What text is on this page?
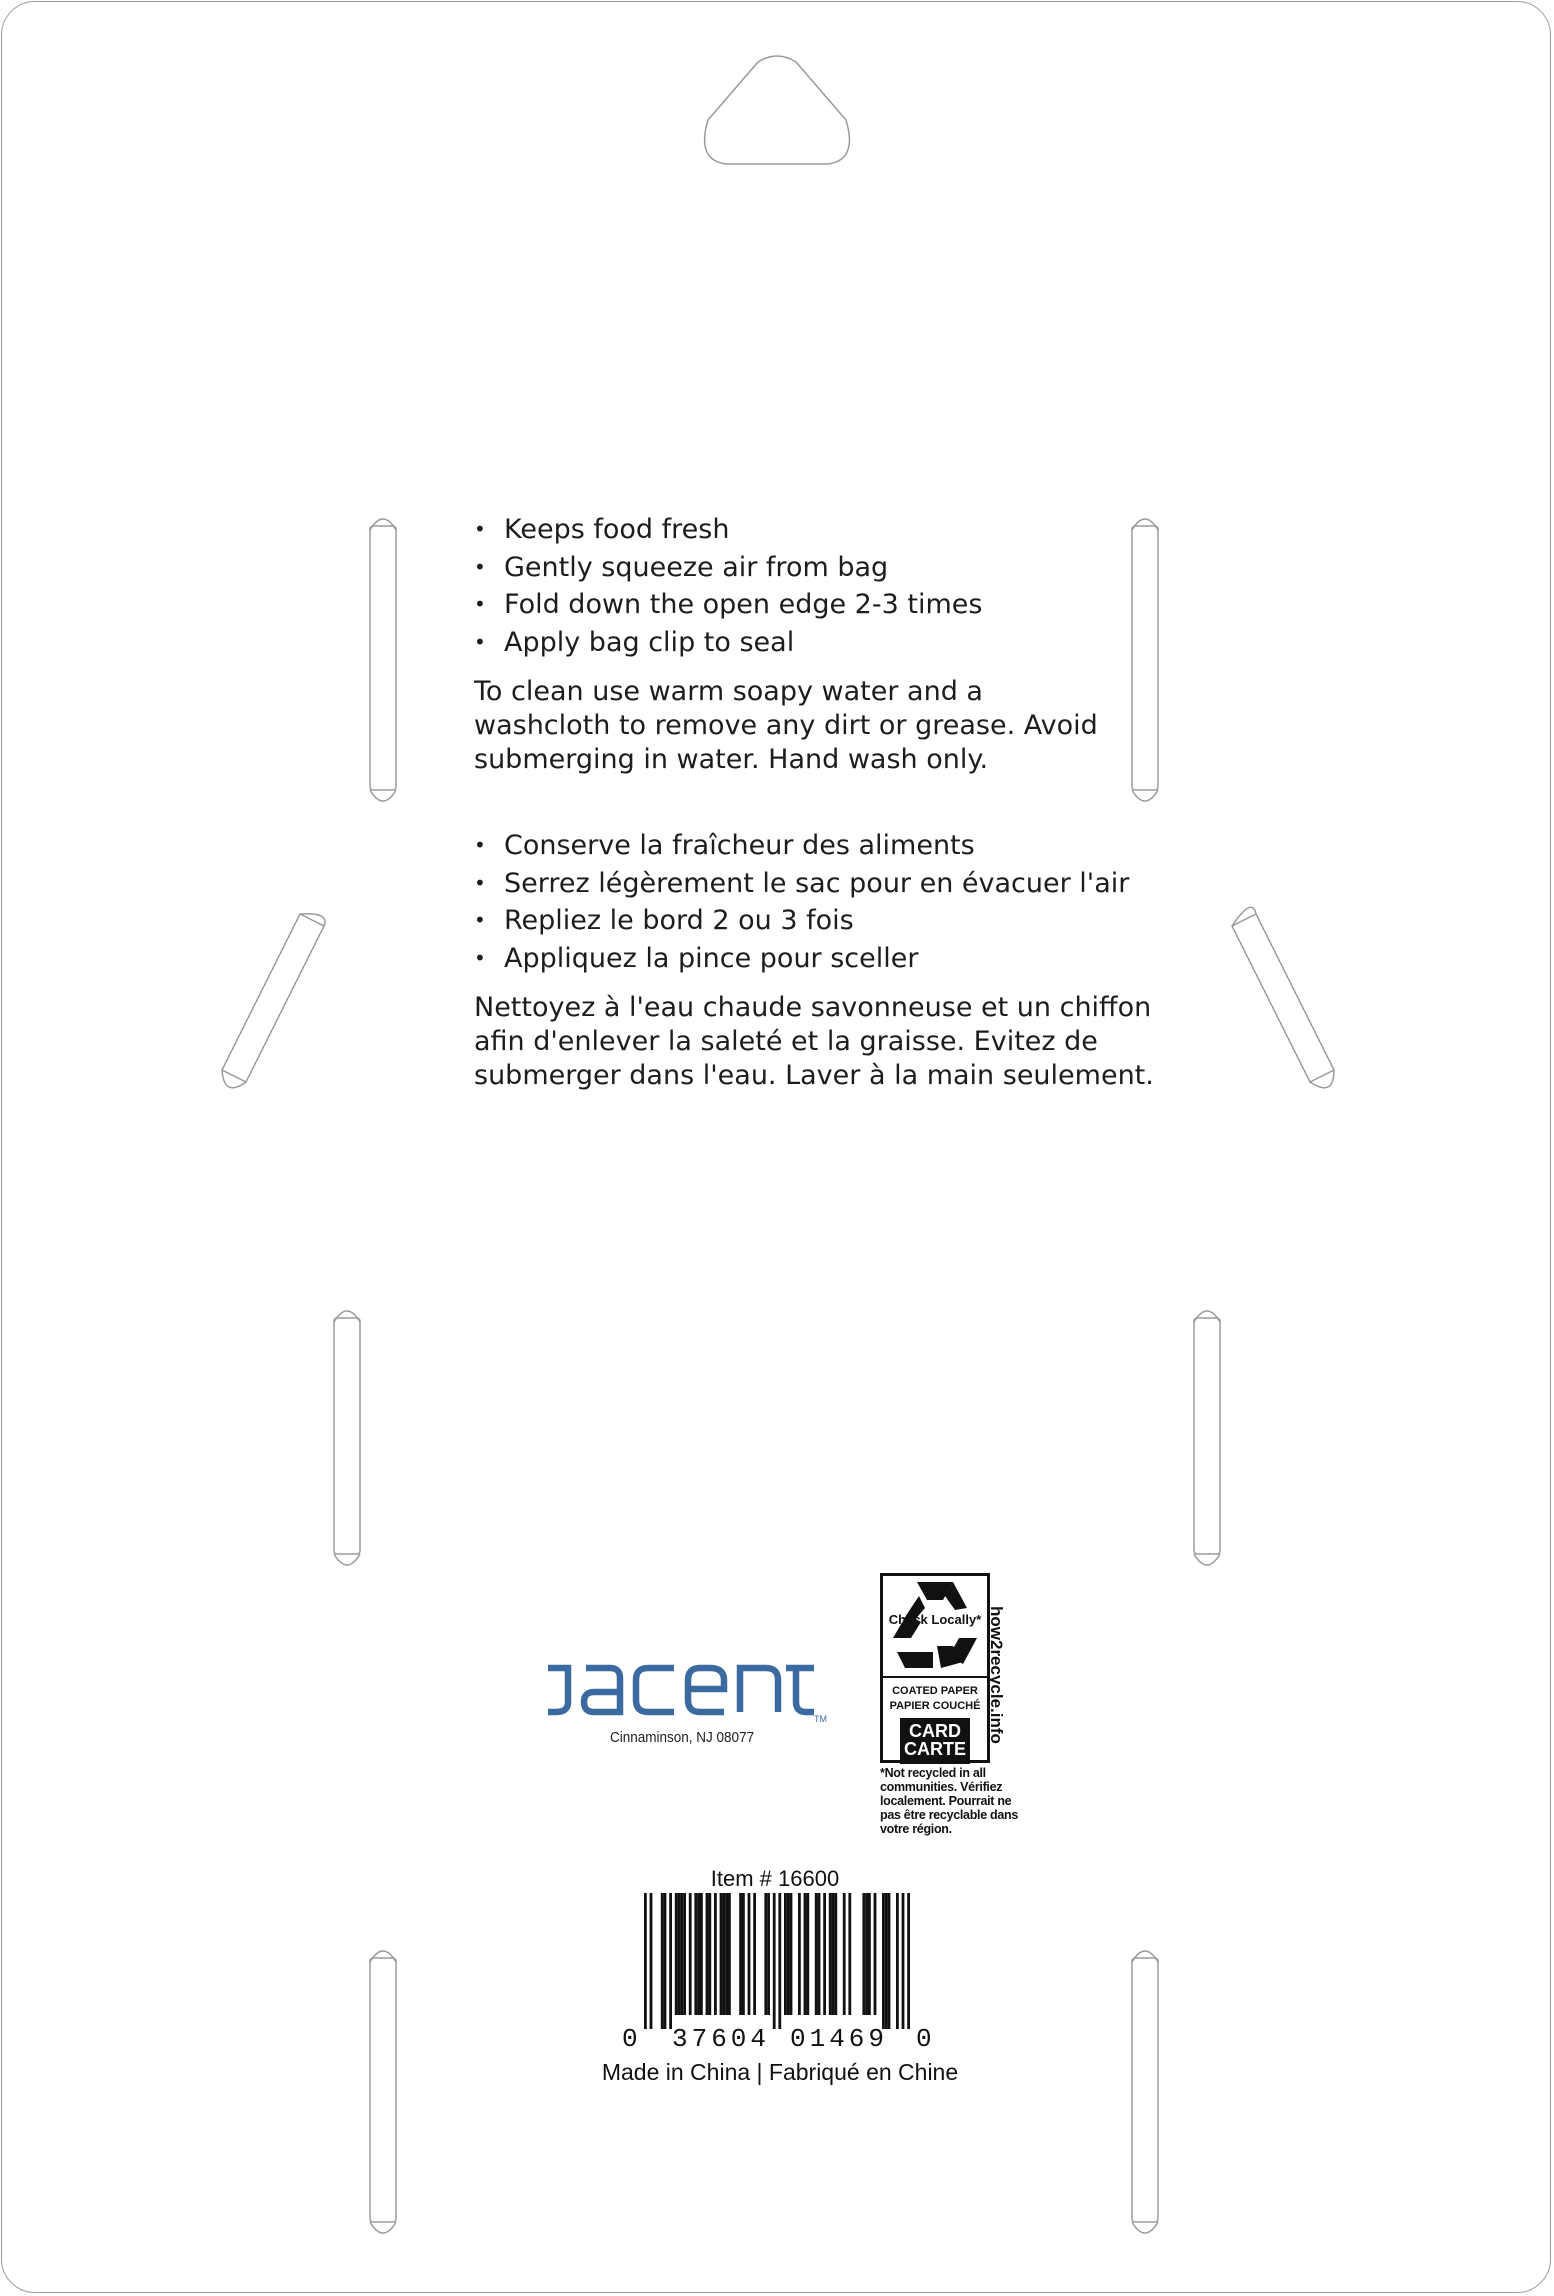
• Keeps food fresh
• Gently squeeze air from bag
• Fold down the open edge 2-3 times
• Apply bag clip to seal

To clean use warm soapy water and a washcloth to remove any dirt or grease. Avoid submerging in water. Hand wash only.

• Conserve la fraîcheur des aliments
• Serrez légèrement le sac pour en évacuer l'air
• Repliez le bord 2 ou 3 fois
• Appliquez la pince pour sceller

Nettoyez à l'eau chaude savonneuse et un chiffon afin d'enlever la saleté et la graisse. Evitez de submerger dans l'eau. Laver à la main seulement.

TM
Cinnaminson, NJ 08077
Check Locally*
COATED PAPER
PAPIER COUCHÉ
CARD CARTE
how2recycle.info
*Not recycled in all communities. Vérifiez localement. Pourrait ne pas être recyclable dans votre région.
Item # 16600
0 37604 01469 0
Made in China | Fabriqué en Chine
